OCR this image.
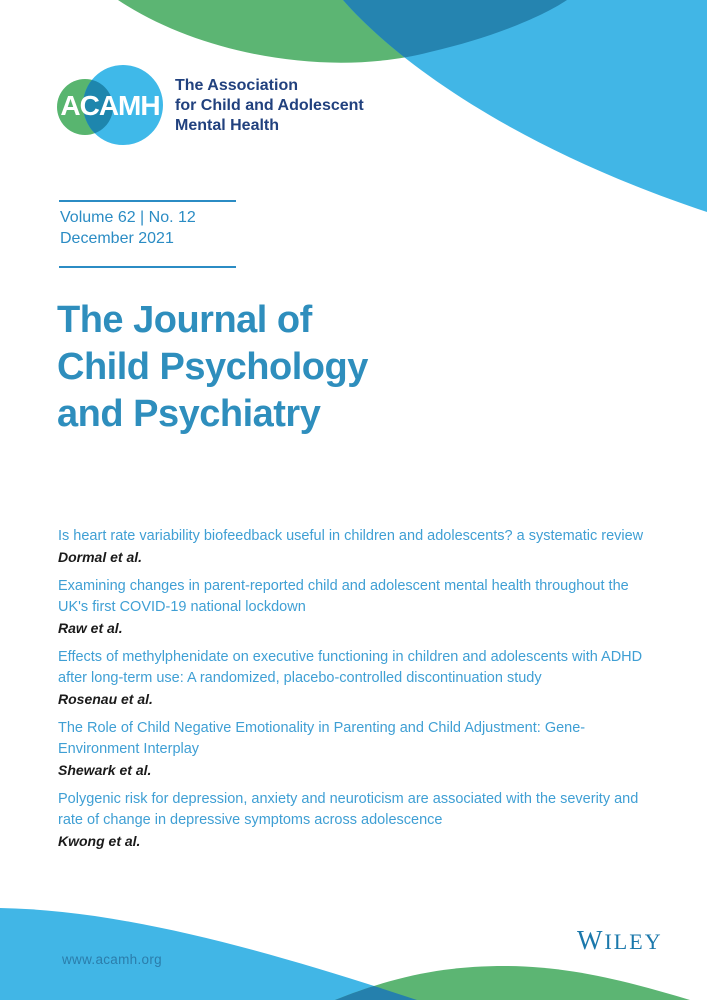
ACAMH
The Association
for Child and Adolescent
Mental Health
Volume 62 | No. 12
December 2021
The Journal of
Child Psychology
and Psychiatry
Is heart rate variability biofeedback useful in children and adolescents? a systematic review
Dormal et al.
Examining changes in parent-reported child and adolescent mental health throughout the UK's first COVID-19 national lockdown
Raw et al.
Effects of methylphenidate on executive functioning in children and adolescents with ADHD after long-term use: A randomized, placebo-controlled discontinuation study
Rosenau et al.
The Role of Child Negative Emotionality in Parenting and Child Adjustment: Gene-Environment Interplay
Shewark et al.
Polygenic risk for depression, anxiety and neuroticism are associated with the severity and rate of change in depressive symptoms across adolescence
Kwong et al.
www.acamh.org
WILEY
